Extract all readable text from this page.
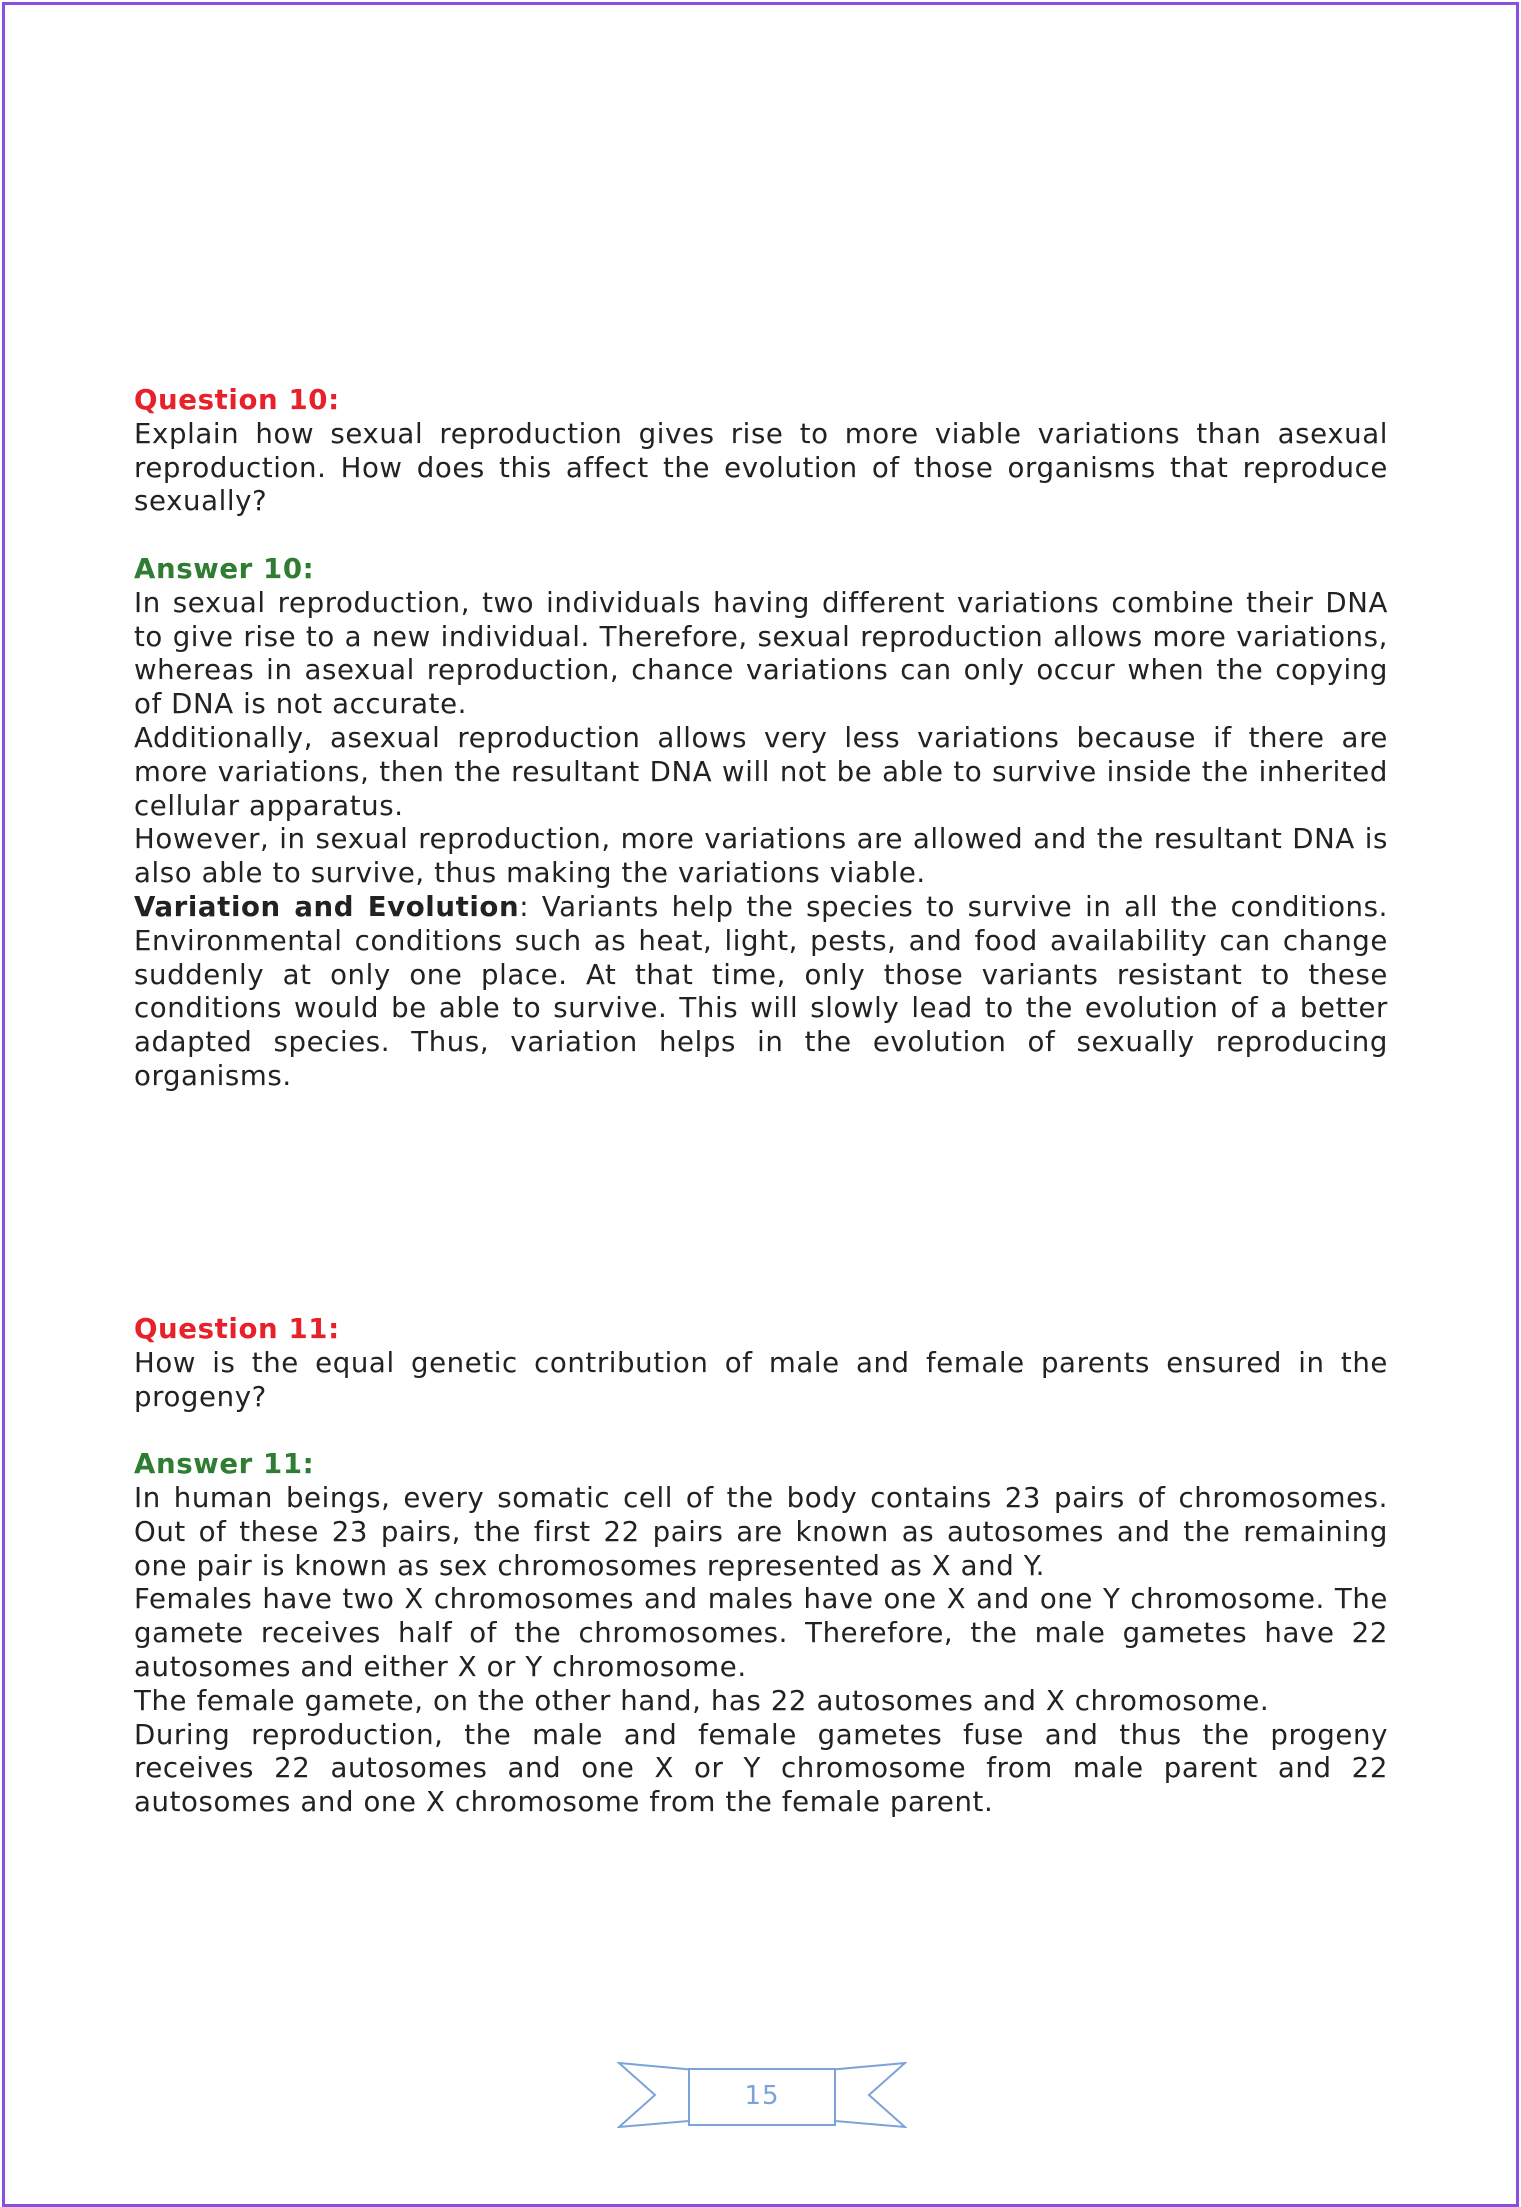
Question 10:

Explain how sexual reproduction gives rise to more viable variations than asexual reproduction. How does this affect the evolution of those organisms that reproduce sexually?

Answer 10:

In sexual reproduction, two individuals having different variations combine their DNA to give rise to a new individual. Therefore, sexual reproduction allows more variations, whereas in asexual reproduction, chance variations can only occur when the copying of DNA is not accurate.

Additionally, asexual reproduction allows very less variations because if there are more variations, then the resultant DNA will not be able to survive inside the inherited cellular apparatus.

However, in sexual reproduction, more variations are allowed and the resultant DNA is also able to survive, thus making the variations viable.

Variation and Evolution: Variants help the species to survive in all the conditions. Environmental conditions such as heat, light, pests, and food availability can change suddenly at only one place. At that time, only those variants resistant to these conditions would be able to survive. This will slowly lead to the evolution of a better adapted species. Thus, variation helps in the evolution of sexually reproducing organisms.

Question 11:

How is the equal genetic contribution of male and female parents ensured in the progeny?

Answer 11:

In human beings, every somatic cell of the body contains 23 pairs of chromosomes. Out of these 23 pairs, the first 22 pairs are known as autosomes and the remaining one pair is known as sex chromosomes represented as X and Y.

Females have two X chromosomes and males have one X and one Y chromosome. The gamete receives half of the chromosomes. Therefore, the male gametes have 22 autosomes and either X or Y chromosome.

The female gamete, on the other hand, has 22 autosomes and X chromosome.

During reproduction, the male and female gametes fuse and thus the progeny receives 22 autosomes and one X or Y chromosome from male parent and 22 autosomes and one X chromosome from the female parent.

15
